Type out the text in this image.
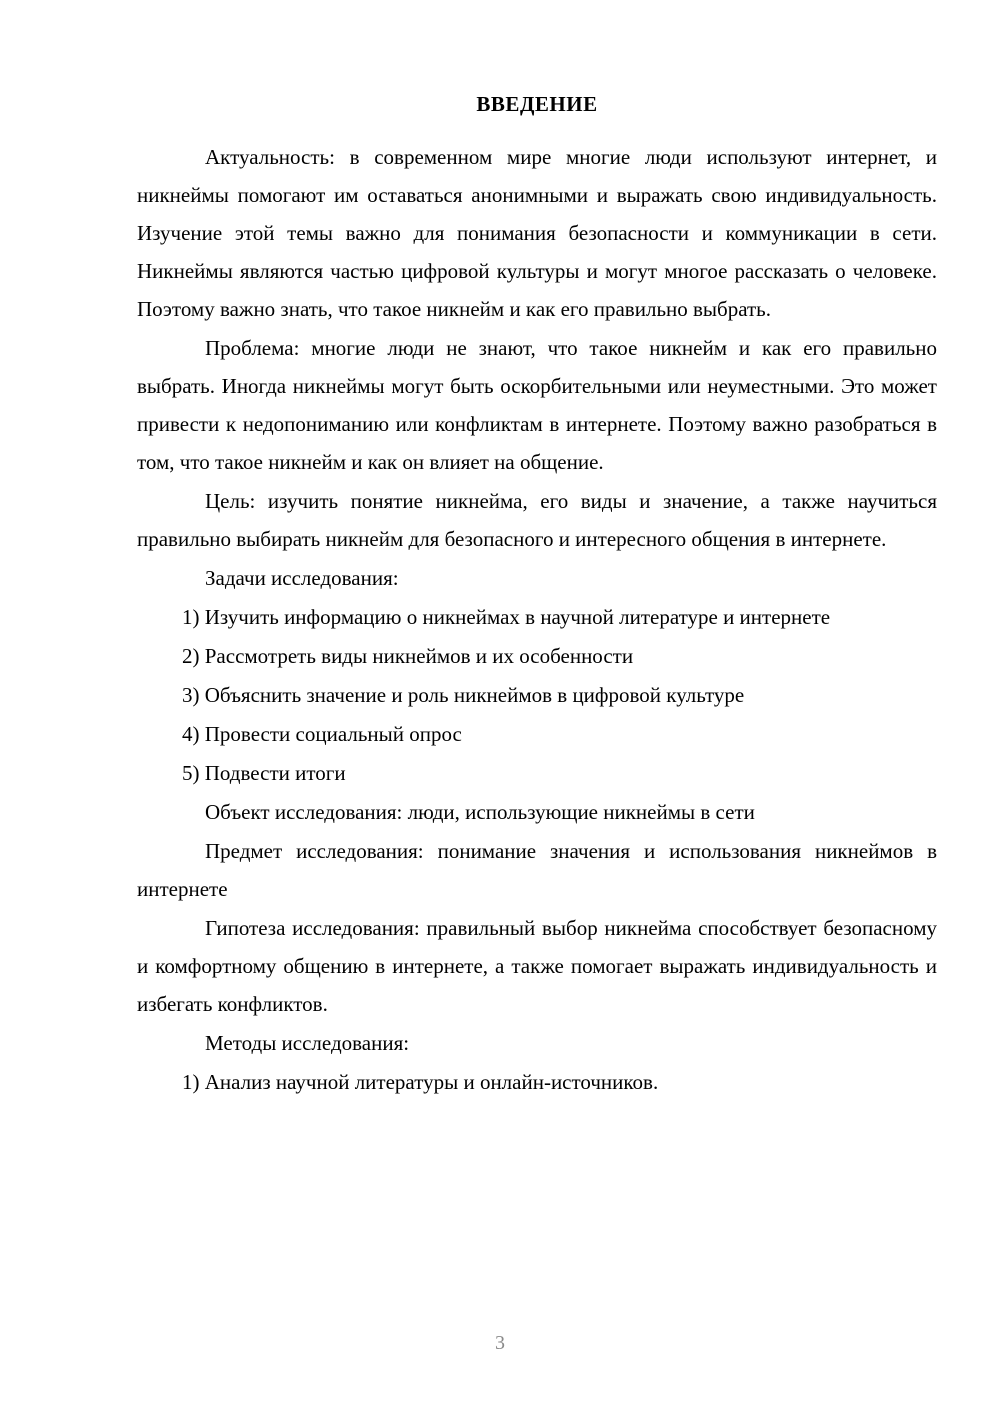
ВВЕДЕНИЕ

Актуальность: в современном мире многие люди используют интернет, и никнеймы помогают им оставаться анонимными и выражать свою индивидуальность. Изучение этой темы важно для понимания безопасности и коммуникации в сети. Никнеймы являются частью цифровой культуры и могут многое рассказать о человеке. Поэтому важно знать, что такое никнейм и как его правильно выбрать.

Проблема: многие люди не знают, что такое никнейм и как его правильно выбрать. Иногда никнеймы могут быть оскорбительными или неуместными. Это может привести к недопониманию или конфликтам в интернете. Поэтому важно разобраться в том, что такое никнейм и как он влияет на общение.

Цель: изучить понятие никнейма, его виды и значение, а также научиться правильно выбирать никнейм для безопасного и интересного общения в интернете.

Задачи исследования:

1) Изучить информацию о никнеймах в научной литературе и интернете

2) Рассмотреть виды никнеймов и их особенности

3) Объяснить значение и роль никнеймов в цифровой культуре

4) Провести социальный опрос

5) Подвести итоги

Объект исследования: люди, использующие никнеймы в сети

Предмет исследования: понимание значения и использования никнеймов в интернете

Гипотеза исследования: правильный выбор никнейма способствует безопасному и комфортному общению в интернете, а также помогает выражать индивидуальность и избегать конфликтов.

Методы исследования:

1) Анализ научной литературы и онлайн-источников.

3
